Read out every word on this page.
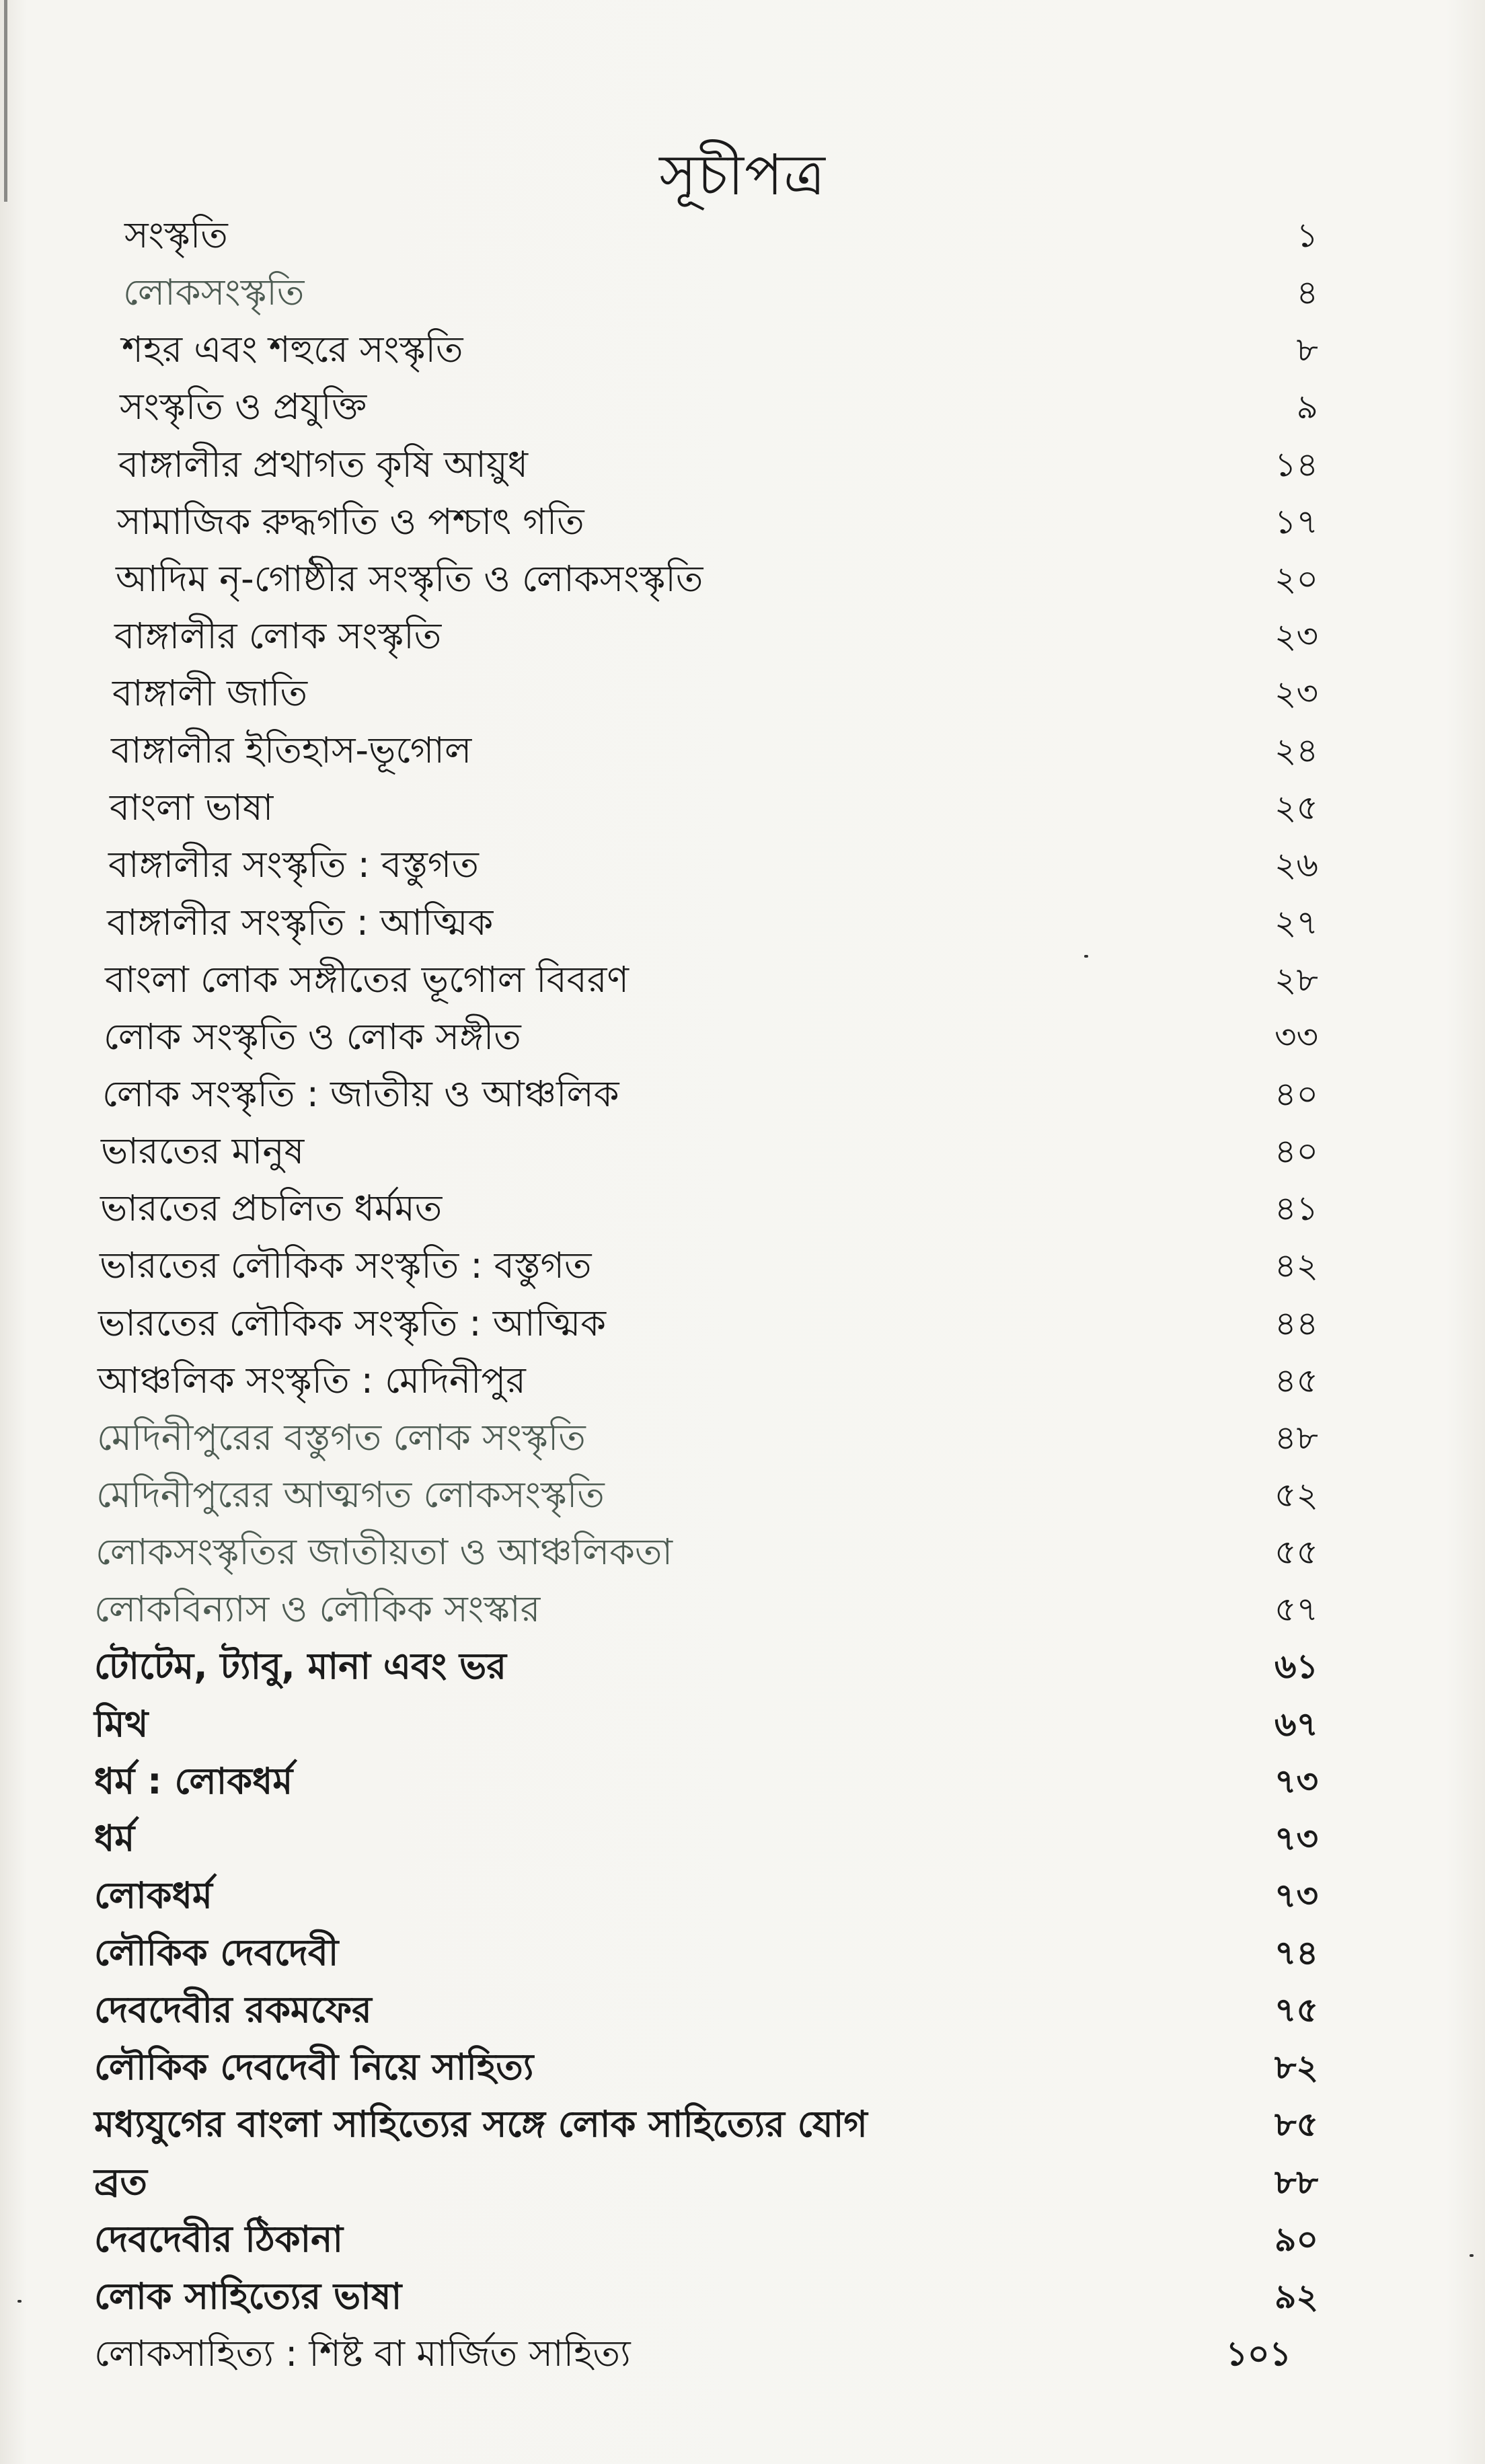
সূচীপত্র
সংস্কৃতি	১
লোকসংস্কৃতি	৪
শহর এবং শহুরে সংস্কৃতি	৮
সংস্কৃতি ও প্রযুক্তি	৯
বাঙ্গালীর প্রথাগত কৃষি আয়ুধ	১৪
সামাজিক রুদ্ধগতি ও পশ্চাৎ গতি	১৭
আদিম নৃ-গোষ্ঠীর সংস্কৃতি ও লোকসংস্কৃতি	২০
বাঙ্গালীর লোক সংস্কৃতি	২৩
বাঙ্গালী জাতি	২৩
বাঙ্গালীর ইতিহাস-ভূগোল	২৪
বাংলা ভাষা	২৫
বাঙ্গালীর সংস্কৃতি : বস্তুগত	২৬
বাঙ্গালীর সংস্কৃতি : আত্মিক	২৭
বাংলা লোক সঙ্গীতের ভূগোল বিবরণ	২৮
লোক সংস্কৃতি ও লোক সঙ্গীত	৩৩
লোক সংস্কৃতি : জাতীয় ও আঞ্চলিক	৪০
ভারতের মানুষ	৪০
ভারতের প্রচলিত ধর্মমত	৪১
ভারতের লৌকিক সংস্কৃতি : বস্তুগত	৪২
ভারতের লৌকিক সংস্কৃতি : আত্মিক	৪৪
আঞ্চলিক সংস্কৃতি : মেদিনীপুর	৪৫
মেদিনীপুরের বস্তুগত লোক সংস্কৃতি	৪৮
মেদিনীপুরের আত্মগত লোকসংস্কৃতি	৫২
লোকসংস্কৃতির জাতীয়তা ও আঞ্চলিকতা	৫৫
লোকবিন্যাস ও লৌকিক সংস্কার	৫৭
টোটেম, ট্যাবু, মানা এবং ভর	৬১
মিথ	৬৭
ধর্ম : লোকধর্ম	৭৩
ধর্ম	৭৩
লোকধর্ম	৭৩
লৌকিক দেবদেবী	৭৪
দেবদেবীর রকমফের	৭৫
লৌকিক দেবদেবী নিয়ে সাহিত্য	৮২
মধ্যযুগের বাংলা সাহিত্যের সঙ্গে লোক সাহিত্যের যোগ	৮৫
ব্রত	৮৮
দেবদেবীর ঠিকানা	৯০
লোক সাহিত্যের ভাষা	৯২
লোকসাহিত্য : শিষ্ট বা মার্জিত সাহিত্য	১০১
